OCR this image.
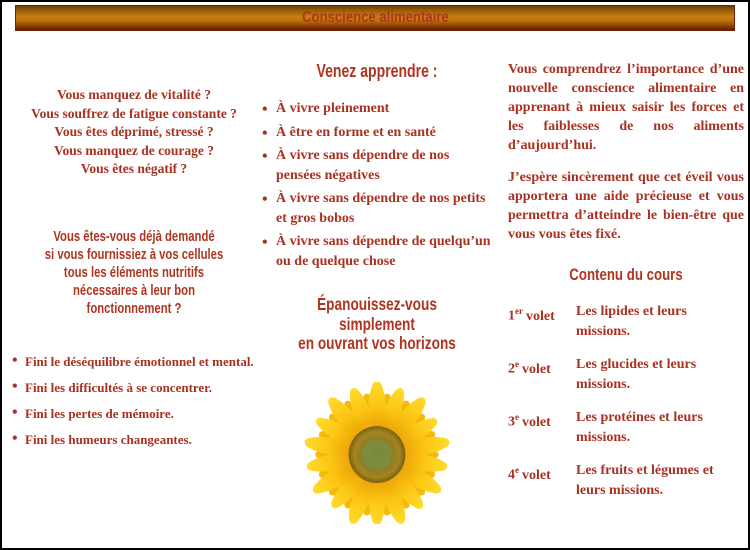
Conscience alimentaire
Vous manquez de vitalité ?
Vous souffrez de fatigue constante ?
Vous êtes déprimé, stressé ?
Vous manquez de courage ?
Vous êtes négatif ?
Vous êtes-vous déjà demandé
si vous fournissiez à vos cellules
tous les éléments nutritifs
nécessaires à leur bon
fonctionnement ?
• Fini le déséquilibre émotionnel et mental.
• Fini les difficultés à se concentrer.
• Fini les pertes de mémoire.
• Fini les humeurs changeantes.
Venez apprendre :
• À vivre pleinement
• À être en forme et en santé
• À vivre sans dépendre de nos pensées négatives
• À vivre sans dépendre de nos petits et gros bobos
• À vivre sans dépendre de quelqu’un ou de quelque chose
Épanouissez-vous
simplement
en ouvrant vos horizons

Vous comprendrez l’importance d’une nouvelle conscience alimentaire en apprenant à mieux saisir les forces et les faiblesses de nos aliments d’aujourd’hui.

J’espère sincèrement que cet éveil vous apportera une aide précieuse et vous permettra d’atteindre le bien-être que vous vous êtes fixé.

Contenu du cours
1er volet	Les lipides et leurs missions.
2e volet	Les glucides et leurs missions.
3e volet	Les protéines et leurs missions.
4e volet	Les fruits et légumes et leurs missions.
